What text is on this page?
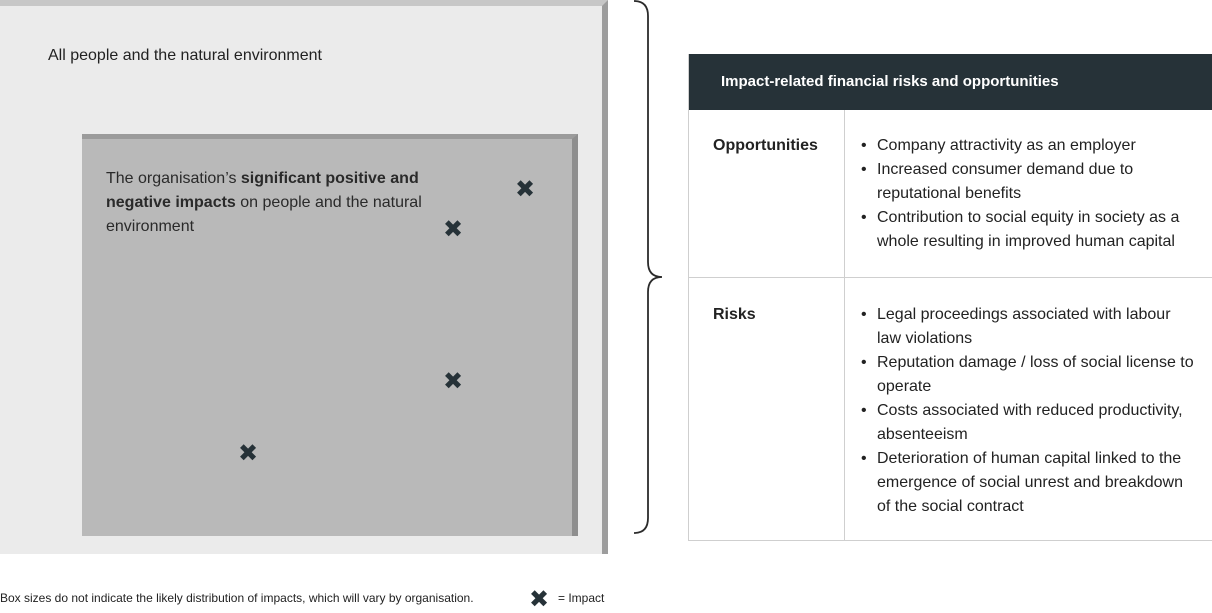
All people and the natural environment
The organisation’s significant positive and negative impacts on people and the natural environment
✖
✖
✖
✖
Impact-related financial risks and opportunities
Opportunities	• Company attractivity as an employer
• Increased consumer demand due to reputational benefits
• Contribution to social equity in society as a whole resulting in improved human capital
Risks	• Legal proceedings associated with labour law violations
• Reputation damage / loss of social license to operate
• Costs associated with reduced productivity, absenteeism
• Deterioration of human capital linked to the emergence of social unrest and breakdown of the social contract
Box sizes do not indicate the likely distribution of impacts, which will vary by organisation. ✖ = Impact
